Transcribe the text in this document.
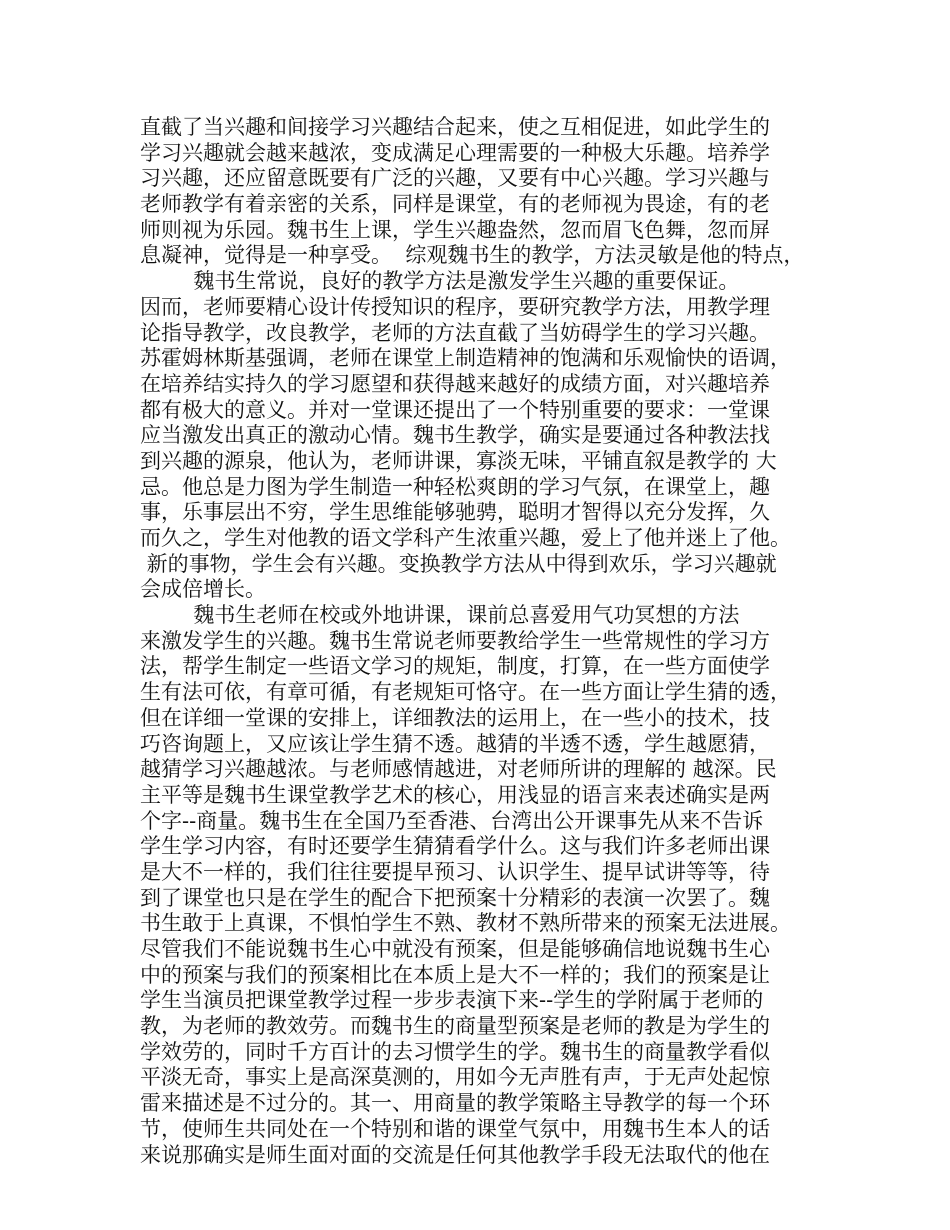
直截了当兴趣和间接学习兴趣结合起来，使之互相促进，如此学生的
学习兴趣就会越来越浓，变成满足心理需要的一种极大乐趣。培养学
习兴趣，还应留意既要有广泛的兴趣，又要有中心兴趣。学习兴趣与
老师教学有着亲密的关系，同样是课堂，有的老师视为畏途，有的老
师则视为乐园。魏书生上课，学生兴趣盎然，忽而眉飞色舞，忽而屏
息凝神，觉得是一种享受。  综观魏书生的教学，方法灵敏是他的特点，
魏书生常说，良好的教学方法是激发学生兴趣的重要保证。
因而，老师要精心设计传授知识的程序，要研究教学方法，用教学理
论指导教学，改良教学，老师的方法直截了当妨碍学生的学习兴趣。
苏霍姆林斯基强调，老师在课堂上制造精神的饱满和乐观愉快的语调，
在培养结实持久的学习愿望和获得越来越好的成绩方面，对兴趣培养
都有极大的意义。并对一堂课还提出了一个特别重要的要求：一堂课
应当激发出真正的激动心情。魏书生教学，确实是要通过各种教法找
到兴趣的源泉，他认为，老师讲课，寡淡无味，平铺直叙是教学的 大
忌。他总是力图为学生制造一种轻松爽朗的学习气氛，在课堂上，趣
事，乐事层出不穷，学生思维能够驰骋，聪明才智得以充分发挥，久
而久之，学生对他教的语文学科产生浓重兴趣，爱上了他并迷上了他。
新的事物，学生会有兴趣。变换教学方法从中得到欢乐，学习兴趣就
会成倍增长。
魏书生老师在校或外地讲课，课前总喜爱用气功冥想的方法
来激发学生的兴趣。魏书生常说老师要教给学生一些常规性的学习方
法，帮学生制定一些语文学习的规矩，制度，打算，在一些方面使学
生有法可依，有章可循，有老规矩可恪守。在一些方面让学生猜的透，
但在详细一堂课的安排上，详细教法的运用上，在一些小的技术，技
巧咨询题上，又应该让学生猜不透。越猜的半透不透，学生越愿猜，
越猜学习兴趣越浓。与老师感情越进，对老师所讲的理解的 越深。民
主平等是魏书生课堂教学艺术的核心，用浅显的语言来表述确实是两
个字--商量。魏书生在全国乃至香港、台湾出公开课事先从来不告诉
学生学习内容，有时还要学生猜猜看学什么。这与我们许多老师出课
是大不一样的，我们往往要提早预习、认识学生、提早试讲等等，待
到了课堂也只是在学生的配合下把预案十分精彩的表演一次罢了。魏
书生敢于上真课，不惧怕学生不熟、教材不熟所带来的预案无法进展。
尽管我们不能说魏书生心中就没有预案，但是能够确信地说魏书生心
中的预案与我们的预案相比在本质上是大不一样的；我们的预案是让
学生当演员把课堂教学过程一步步表演下来--学生的学附属于老师的
教，为老师的教效劳。而魏书生的商量型预案是老师的教是为学生的
学效劳的，同时千方百计的去习惯学生的学。魏书生的商量教学看似
平淡无奇，事实上是高深莫测的，用如今无声胜有声，于无声处起惊
雷来描述是不过分的。其一、用商量的教学策略主导教学的每一个环
节，使师生共同处在一个特别和谐的课堂气氛中，用魏书生本人的话
来说那确实是师生面对面的交流是任何其他教学手段无法取代的他在
